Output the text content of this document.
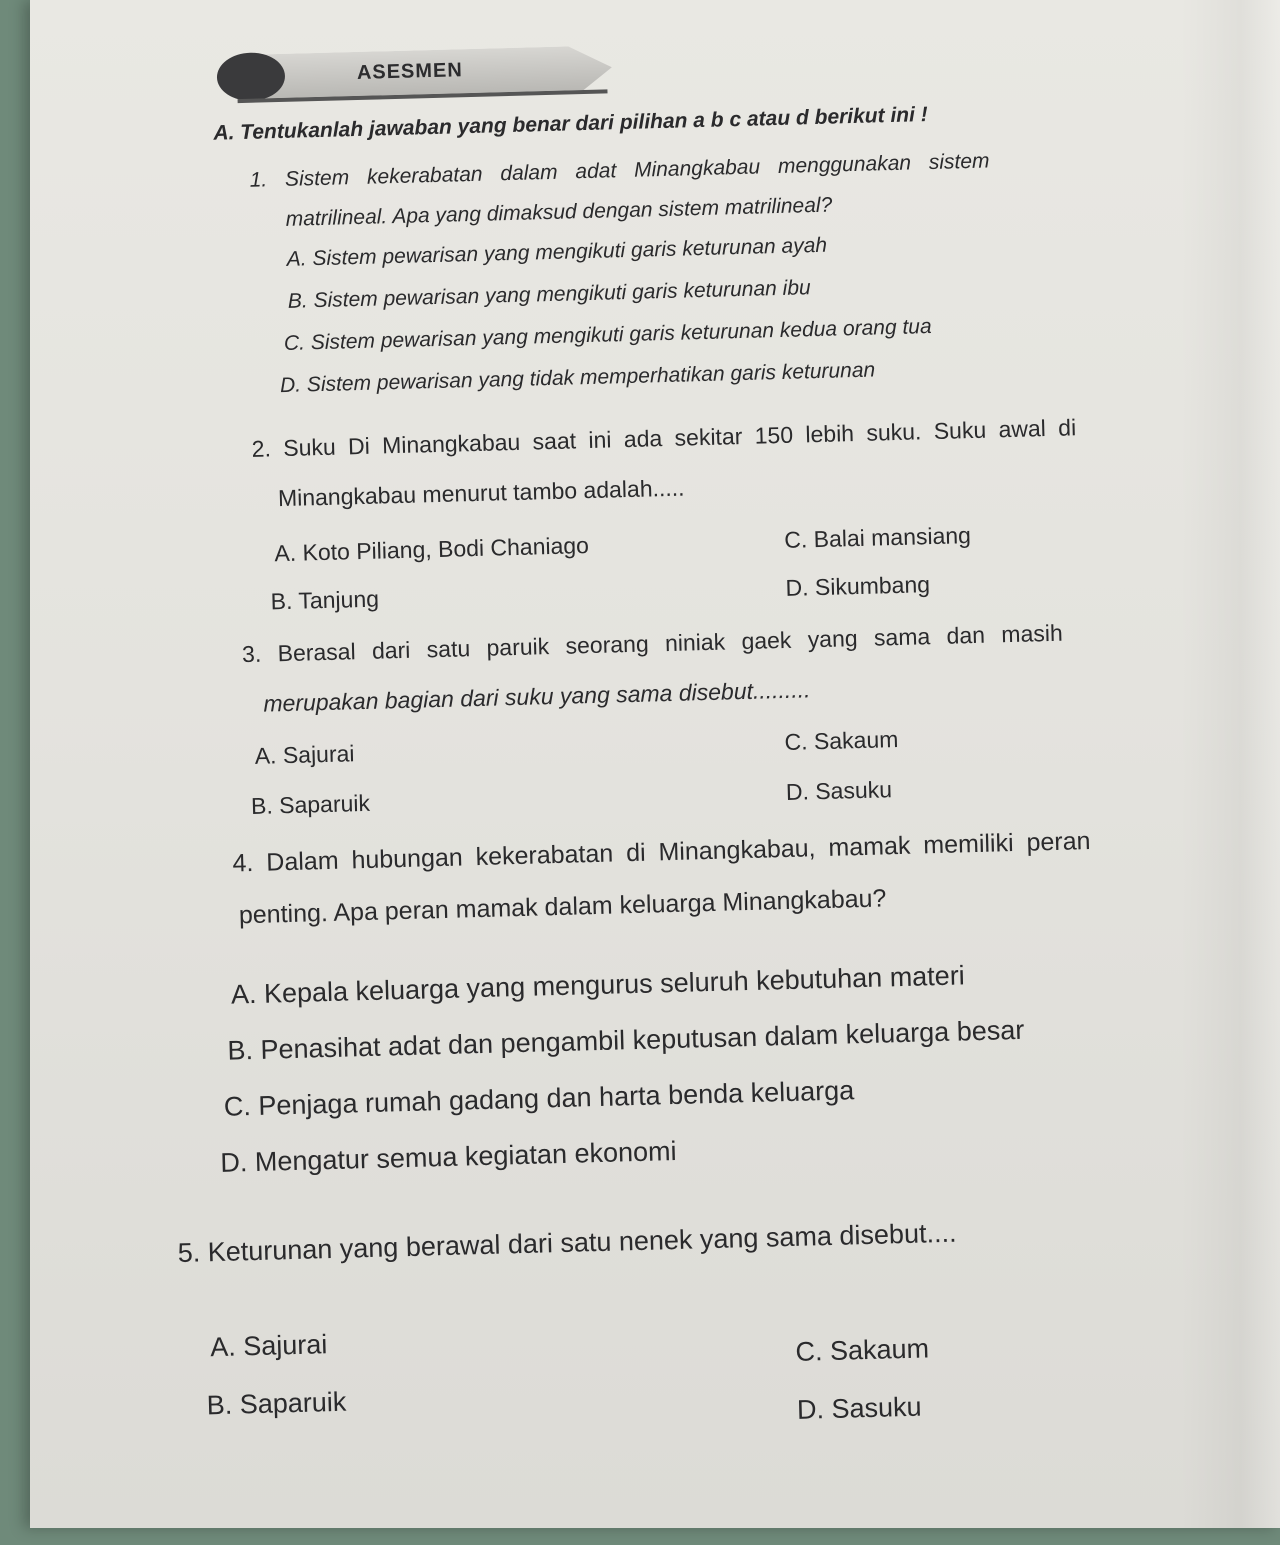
ASESMEN
A. Tentukanlah jawaban yang benar dari pilihan a b c atau d berikut ini !
1. Sistem kekerabatan dalam adat Minangkabau menggunakan sistem
matrilineal. Apa yang dimaksud dengan sistem matrilineal?
A. Sistem pewarisan yang mengikuti garis keturunan ayah
B. Sistem pewarisan yang mengikuti garis keturunan ibu
C. Sistem pewarisan yang mengikuti garis keturunan kedua orang tua
D. Sistem pewarisan yang tidak memperhatikan garis keturunan
2. Suku Di Minangkabau saat ini ada sekitar 150 lebih suku. Suku awal di
Minangkabau menurut tambo adalah.....
A. Koto Piliang, Bodi Chaniago	C. Balai mansiang
B. Tanjung	D. Sikumbang
3. Berasal dari satu paruik seorang niniak gaek yang sama dan masih
merupakan bagian dari suku yang sama disebut.........
A. Sajurai	C. Sakaum
B. Saparuik	D. Sasuku
4. Dalam hubungan kekerabatan di Minangkabau, mamak memiliki peran
penting. Apa peran mamak dalam keluarga Minangkabau?
A. Kepala keluarga yang mengurus seluruh kebutuhan materi
B. Penasihat adat dan pengambil keputusan dalam keluarga besar
C. Penjaga rumah gadang dan harta benda keluarga
D. Mengatur semua kegiatan ekonomi
5. Keturunan yang berawal dari satu nenek yang sama disebut....
A. Sajurai	C. Sakaum
B. Saparuik	D. Sasuku
